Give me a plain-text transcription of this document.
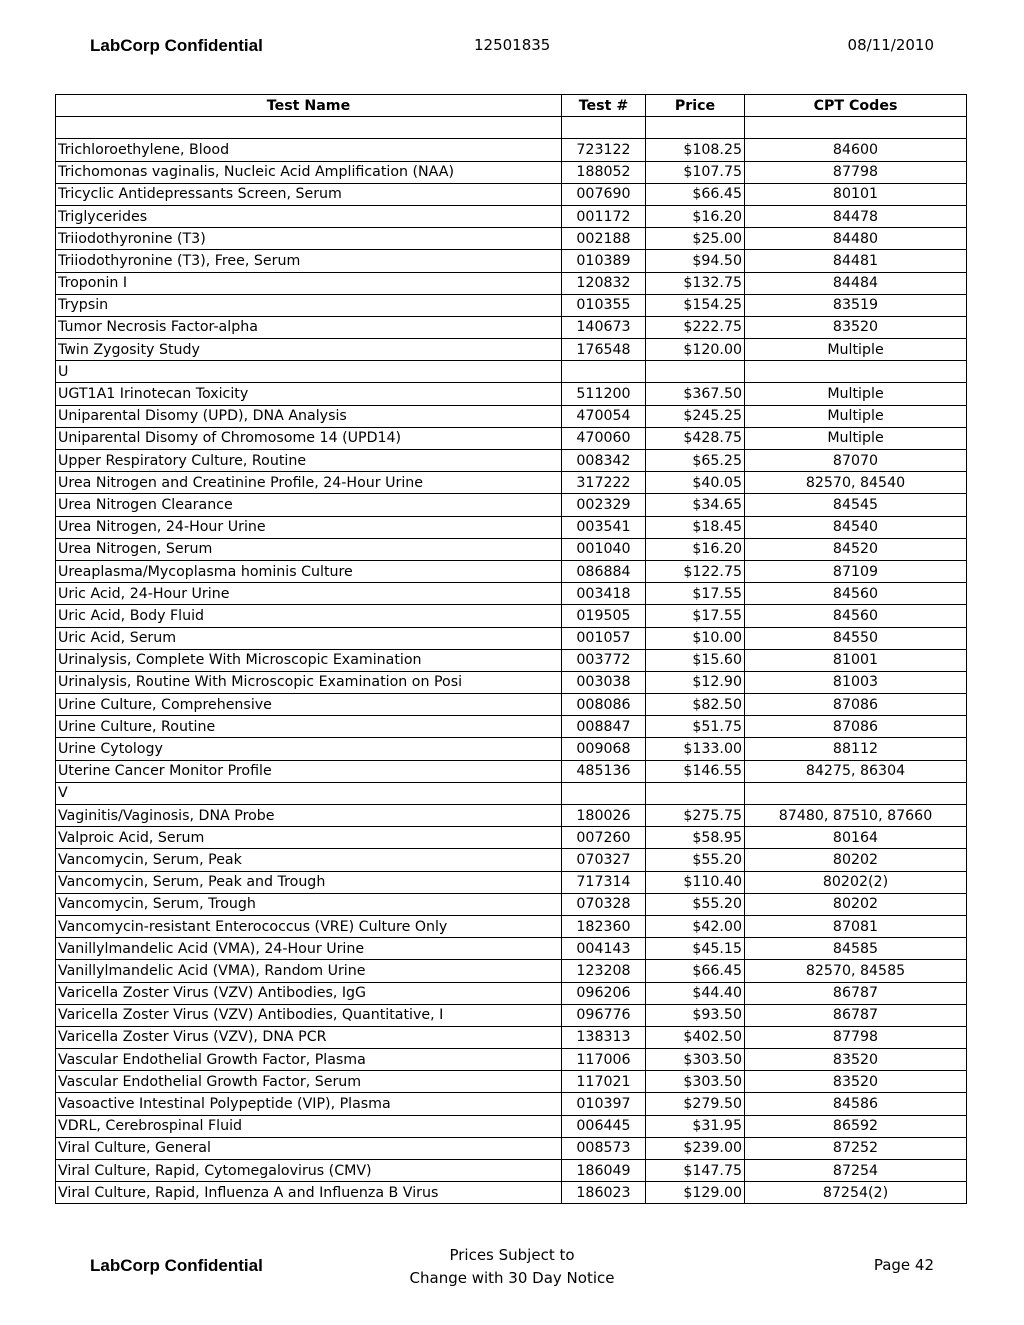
LabCorp Confidential	12501835	08/11/2010
Test Name	Test #	Price	CPT Codes

Trichloroethylene, Blood	723122	$108.25	84600
Trichomonas vaginalis, Nucleic Acid Amplification (NAA)	188052	$107.75	87798
Tricyclic Antidepressants Screen, Serum	007690	$66.45	80101
Triglycerides	001172	$16.20	84478
Triiodothyronine (T3)	002188	$25.00	84480
Triiodothyronine (T3), Free, Serum	010389	$94.50	84481
Troponin I	120832	$132.75	84484
Trypsin	010355	$154.25	83519
Tumor Necrosis Factor-alpha	140673	$222.75	83520
Twin Zygosity Study	176548	$120.00	Multiple
U			
UGT1A1 Irinotecan Toxicity	511200	$367.50	Multiple
Uniparental Disomy (UPD), DNA Analysis	470054	$245.25	Multiple
Uniparental Disomy of Chromosome 14 (UPD14)	470060	$428.75	Multiple
Upper Respiratory Culture, Routine	008342	$65.25	87070
Urea Nitrogen and Creatinine Profile, 24-Hour Urine	317222	$40.05	82570, 84540
Urea Nitrogen Clearance	002329	$34.65	84545
Urea Nitrogen, 24-Hour Urine	003541	$18.45	84540
Urea Nitrogen, Serum	001040	$16.20	84520
Ureaplasma/Mycoplasma hominis Culture	086884	$122.75	87109
Uric Acid, 24-Hour Urine	003418	$17.55	84560
Uric Acid, Body Fluid	019505	$17.55	84560
Uric Acid, Serum	001057	$10.00	84550
Urinalysis, Complete With Microscopic Examination	003772	$15.60	81001
Urinalysis, Routine With Microscopic Examination on Posi	003038	$12.90	81003
Urine Culture, Comprehensive	008086	$82.50	87086
Urine Culture, Routine	008847	$51.75	87086
Urine Cytology	009068	$133.00	88112
Uterine Cancer Monitor Profile	485136	$146.55	84275, 86304
V			
Vaginitis/Vaginosis, DNA Probe	180026	$275.75	87480, 87510, 87660
Valproic Acid, Serum	007260	$58.95	80164
Vancomycin, Serum, Peak	070327	$55.20	80202
Vancomycin, Serum, Peak and Trough	717314	$110.40	80202(2)
Vancomycin, Serum, Trough	070328	$55.20	80202
Vancomycin-resistant Enterococcus (VRE) Culture Only	182360	$42.00	87081
Vanillylmandelic Acid (VMA), 24-Hour Urine	004143	$45.15	84585
Vanillylmandelic Acid (VMA), Random Urine	123208	$66.45	82570, 84585
Varicella Zoster Virus (VZV) Antibodies, IgG	096206	$44.40	86787
Varicella Zoster Virus (VZV) Antibodies, Quantitative, I	096776	$93.50	86787
Varicella Zoster Virus (VZV), DNA PCR	138313	$402.50	87798
Vascular Endothelial Growth Factor, Plasma	117006	$303.50	83520
Vascular Endothelial Growth Factor, Serum	117021	$303.50	83520
Vasoactive Intestinal Polypeptide (VIP), Plasma	010397	$279.50	84586
VDRL, Cerebrospinal Fluid	006445	$31.95	86592
Viral Culture, General	008573	$239.00	87252
Viral Culture, Rapid, Cytomegalovirus (CMV)	186049	$147.75	87254
Viral Culture, Rapid, Influenza A and Influenza B Virus	186023	$129.00	87254(2)
LabCorp Confidential
Prices Subject to
Change with 30 Day Notice
Page 42
